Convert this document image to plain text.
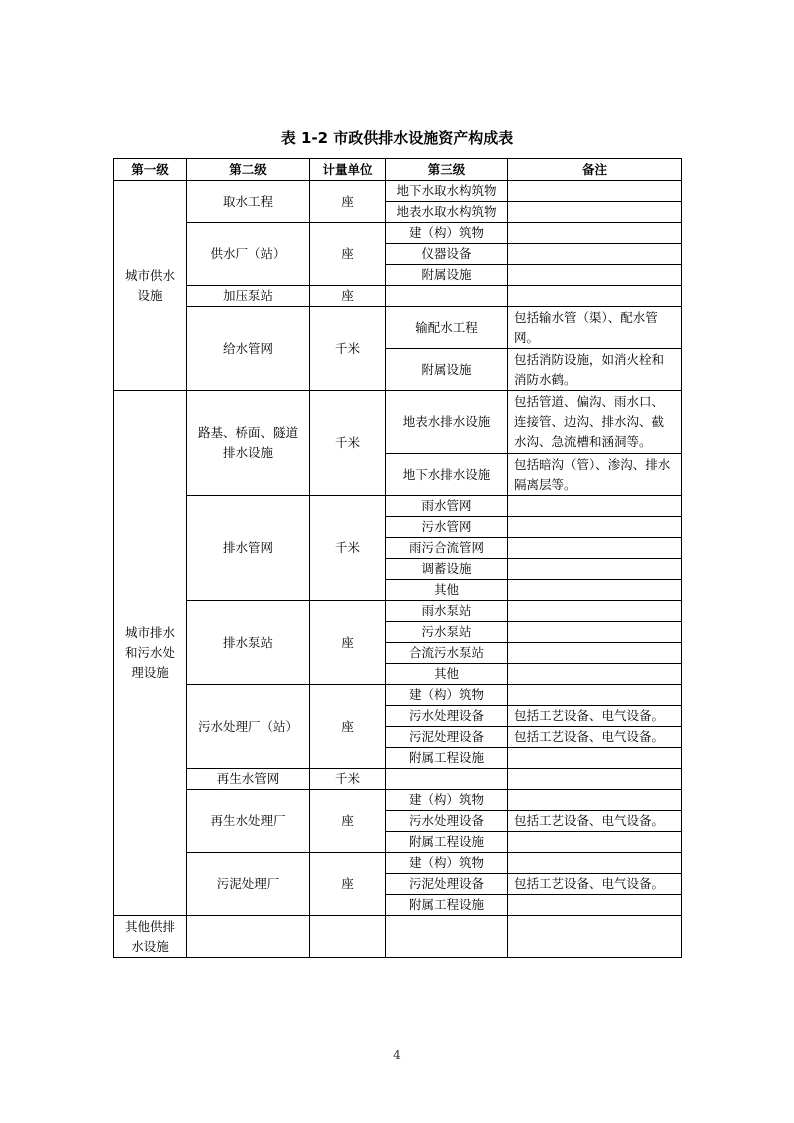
表 1-2 市政供排水设施资产构成表
第一级	第二级	计量单位	第三级	备注
城市供水设施	取水工程	座	地下水取水构筑物	
			地表水取水构筑物	
	供水厂（站）	座	建（构）筑物	
			仪器设备	
			附属设施	
	加压泵站	座		
	给水管网	千米	输配水工程	包括输水管（渠）、配水管网。
			附属设施	包括消防设施，如消火栓和消防水鹤。
城市排水和污水处理设施	路基、桥面、隧道排水设施	千米	地表水排水设施	包括管道、偏沟、雨水口、连接管、边沟、排水沟、截水沟、急流槽和涵洞等。
			地下水排水设施	包括暗沟（管）、渗沟、排水隔离层等。
	排水管网	千米	雨水管网	
			污水管网	
			雨污合流管网	
			调蓄设施	
			其他	
	排水泵站	座	雨水泵站	
			污水泵站	
			合流污水泵站	
			其他	
	污水处理厂（站）	座	建（构）筑物	
			污水处理设备	包括工艺设备、电气设备。
			污泥处理设备	包括工艺设备、电气设备。
			附属工程设施	
	再生水管网	千米		
	再生水处理厂	座	建（构）筑物	
			污水处理设备	包括工艺设备、电气设备。
			附属工程设施	
	污泥处理厂	座	建（构）筑物	
			污泥处理设备	包括工艺设备、电气设备。
			附属工程设施	
其他供排水设施				
4
